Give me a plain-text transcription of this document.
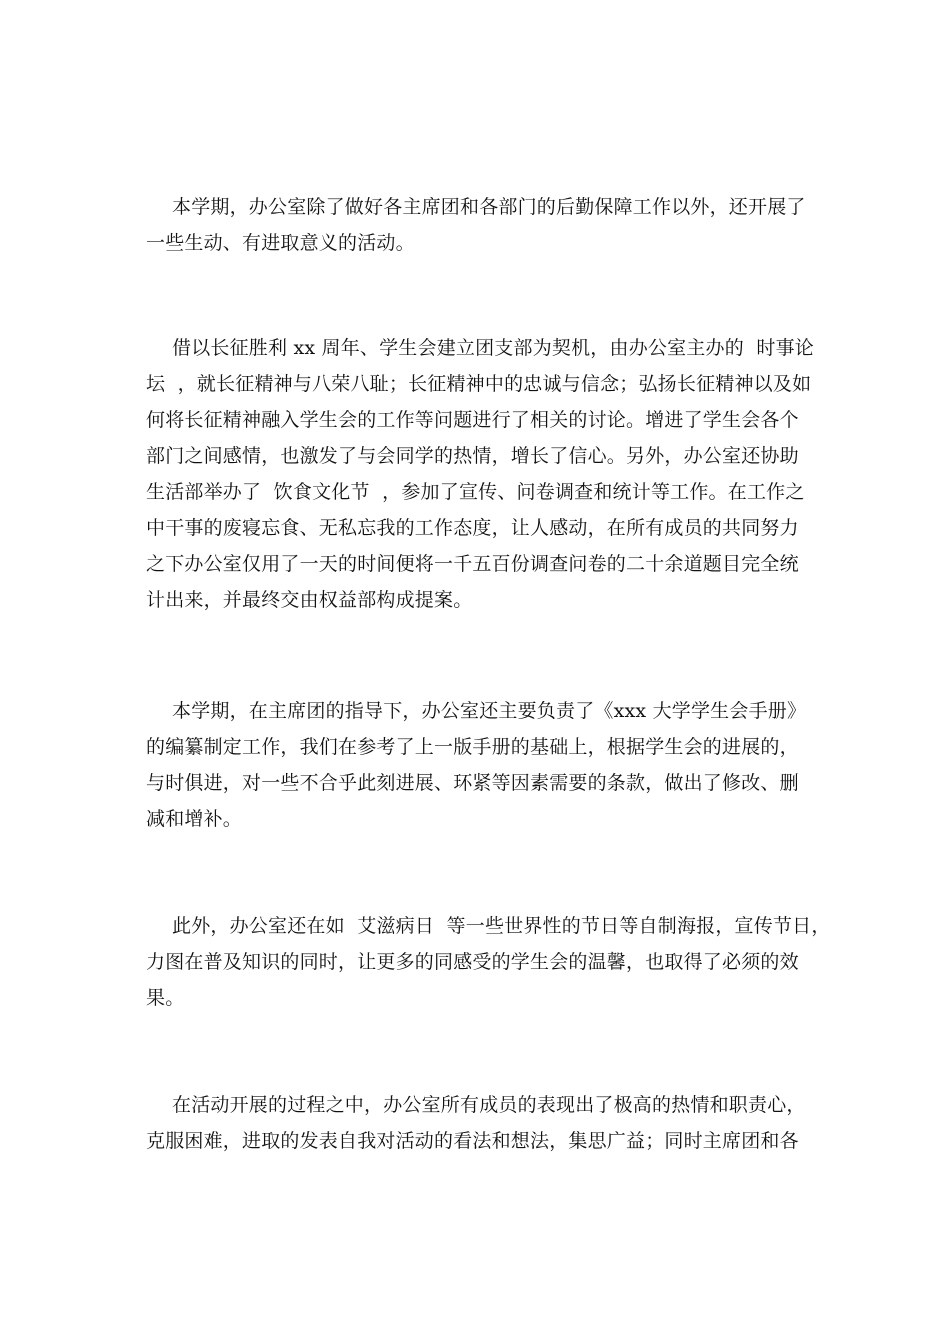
本学期，办公室除了做好各主席团和各部门的后勤保障工作以外，还开展了
一些生动、有进取意义的活动。
借以长征胜利 xx 周年、学生会建立团支部为契机，由办公室主办的  时事论
坛  ，就长征精神与八荣八耻；长征精神中的忠诚与信念；弘扬长征精神以及如
何将长征精神融入学生会的工作等问题进行了相关的讨论。增进了学生会各个
部门之间感情，也激发了与会同学的热情，增长了信心。另外，办公室还协助
生活部举办了  饮食文化节  ，参加了宣传、问卷调查和统计等工作。在工作之
中干事的废寝忘食、无私忘我的工作态度，让人感动，在所有成员的共同努力
之下办公室仅用了一天的时间便将一千五百份调查问卷的二十余道题目完全统
计出来，并最终交由权益部构成提案。
本学期，在主席团的指导下，办公室还主要负责了《xxx 大学学生会手册》
的编纂制定工作，我们在参考了上一版手册的基础上，根据学生会的进展的，
与时俱进，对一些不合乎此刻进展、环紧等因素需要的条款，做出了修改、删
减和增补。
此外，办公室还在如  艾滋病日  等一些世界性的节日等自制海报，宣传节日，
力图在普及知识的同时，让更多的同感受的学生会的温馨，也取得了必须的效
果。
在活动开展的过程之中，办公室所有成员的表现出了极高的热情和职责心，
克服困难，进取的发表自我对活动的看法和想法，集思广益；同时主席团和各
